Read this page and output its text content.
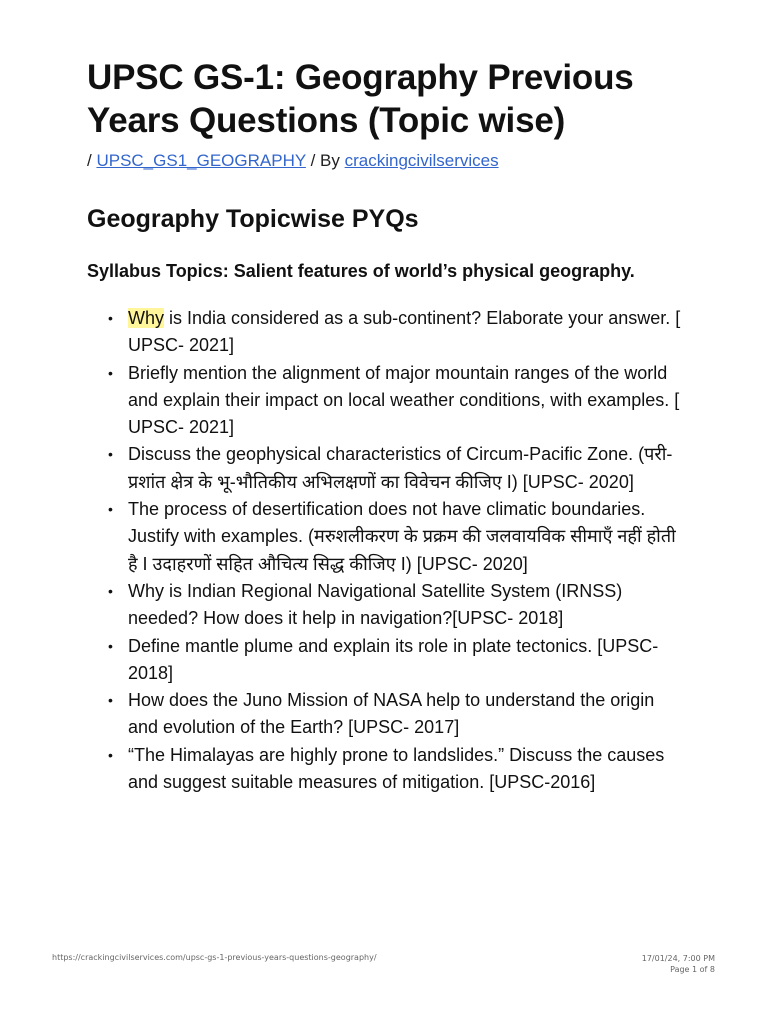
UPSC GS-1: Geography Previous Years Questions (Topic wise)
/ UPSC_GS1_GEOGRAPHY / By crackingcivilservices
Geography Topicwise PYQs

Syllabus Topics: Salient features of world’s physical geography.

• Why is India considered as a sub-continent? Elaborate your answer. [ UPSC- 2021]
• Briefly mention the alignment of major mountain ranges of the world and explain their impact on local weather conditions, with examples. [ UPSC- 2021]
• Discuss the geophysical characteristics of Circum-Pacific Zone. (परी-प्रशांत क्षेत्र के भू-भौतिकीय अभिलक्षणों का विवेचन कीजिए I) [UPSC- 2020]
• The process of desertification does not have climatic boundaries. Justify with examples. (मरुशलीकरण के प्रक्रम की जलवायविक सीमाएँ नहीं होती है I उदाहरणों सहित औचित्य सिद्ध कीजिए I) [UPSC- 2020]
• Why is Indian Regional Navigational Satellite System (IRNSS) needed? How does it help in navigation?[UPSC- 2018]
• Define mantle plume and explain its role in plate tectonics. [UPSC- 2018]
• How does the Juno Mission of NASA help to understand the origin and evolution of the Earth? [UPSC- 2017]
• “The Himalayas are highly prone to landslides.” Discuss the causes and suggest suitable measures of mitigation. [UPSC-2016]
https://crackingcivilservices.com/upsc-gs-1-previous-years-questions-geography/	17/01/24, 7:00 PM
Page 1 of 8
